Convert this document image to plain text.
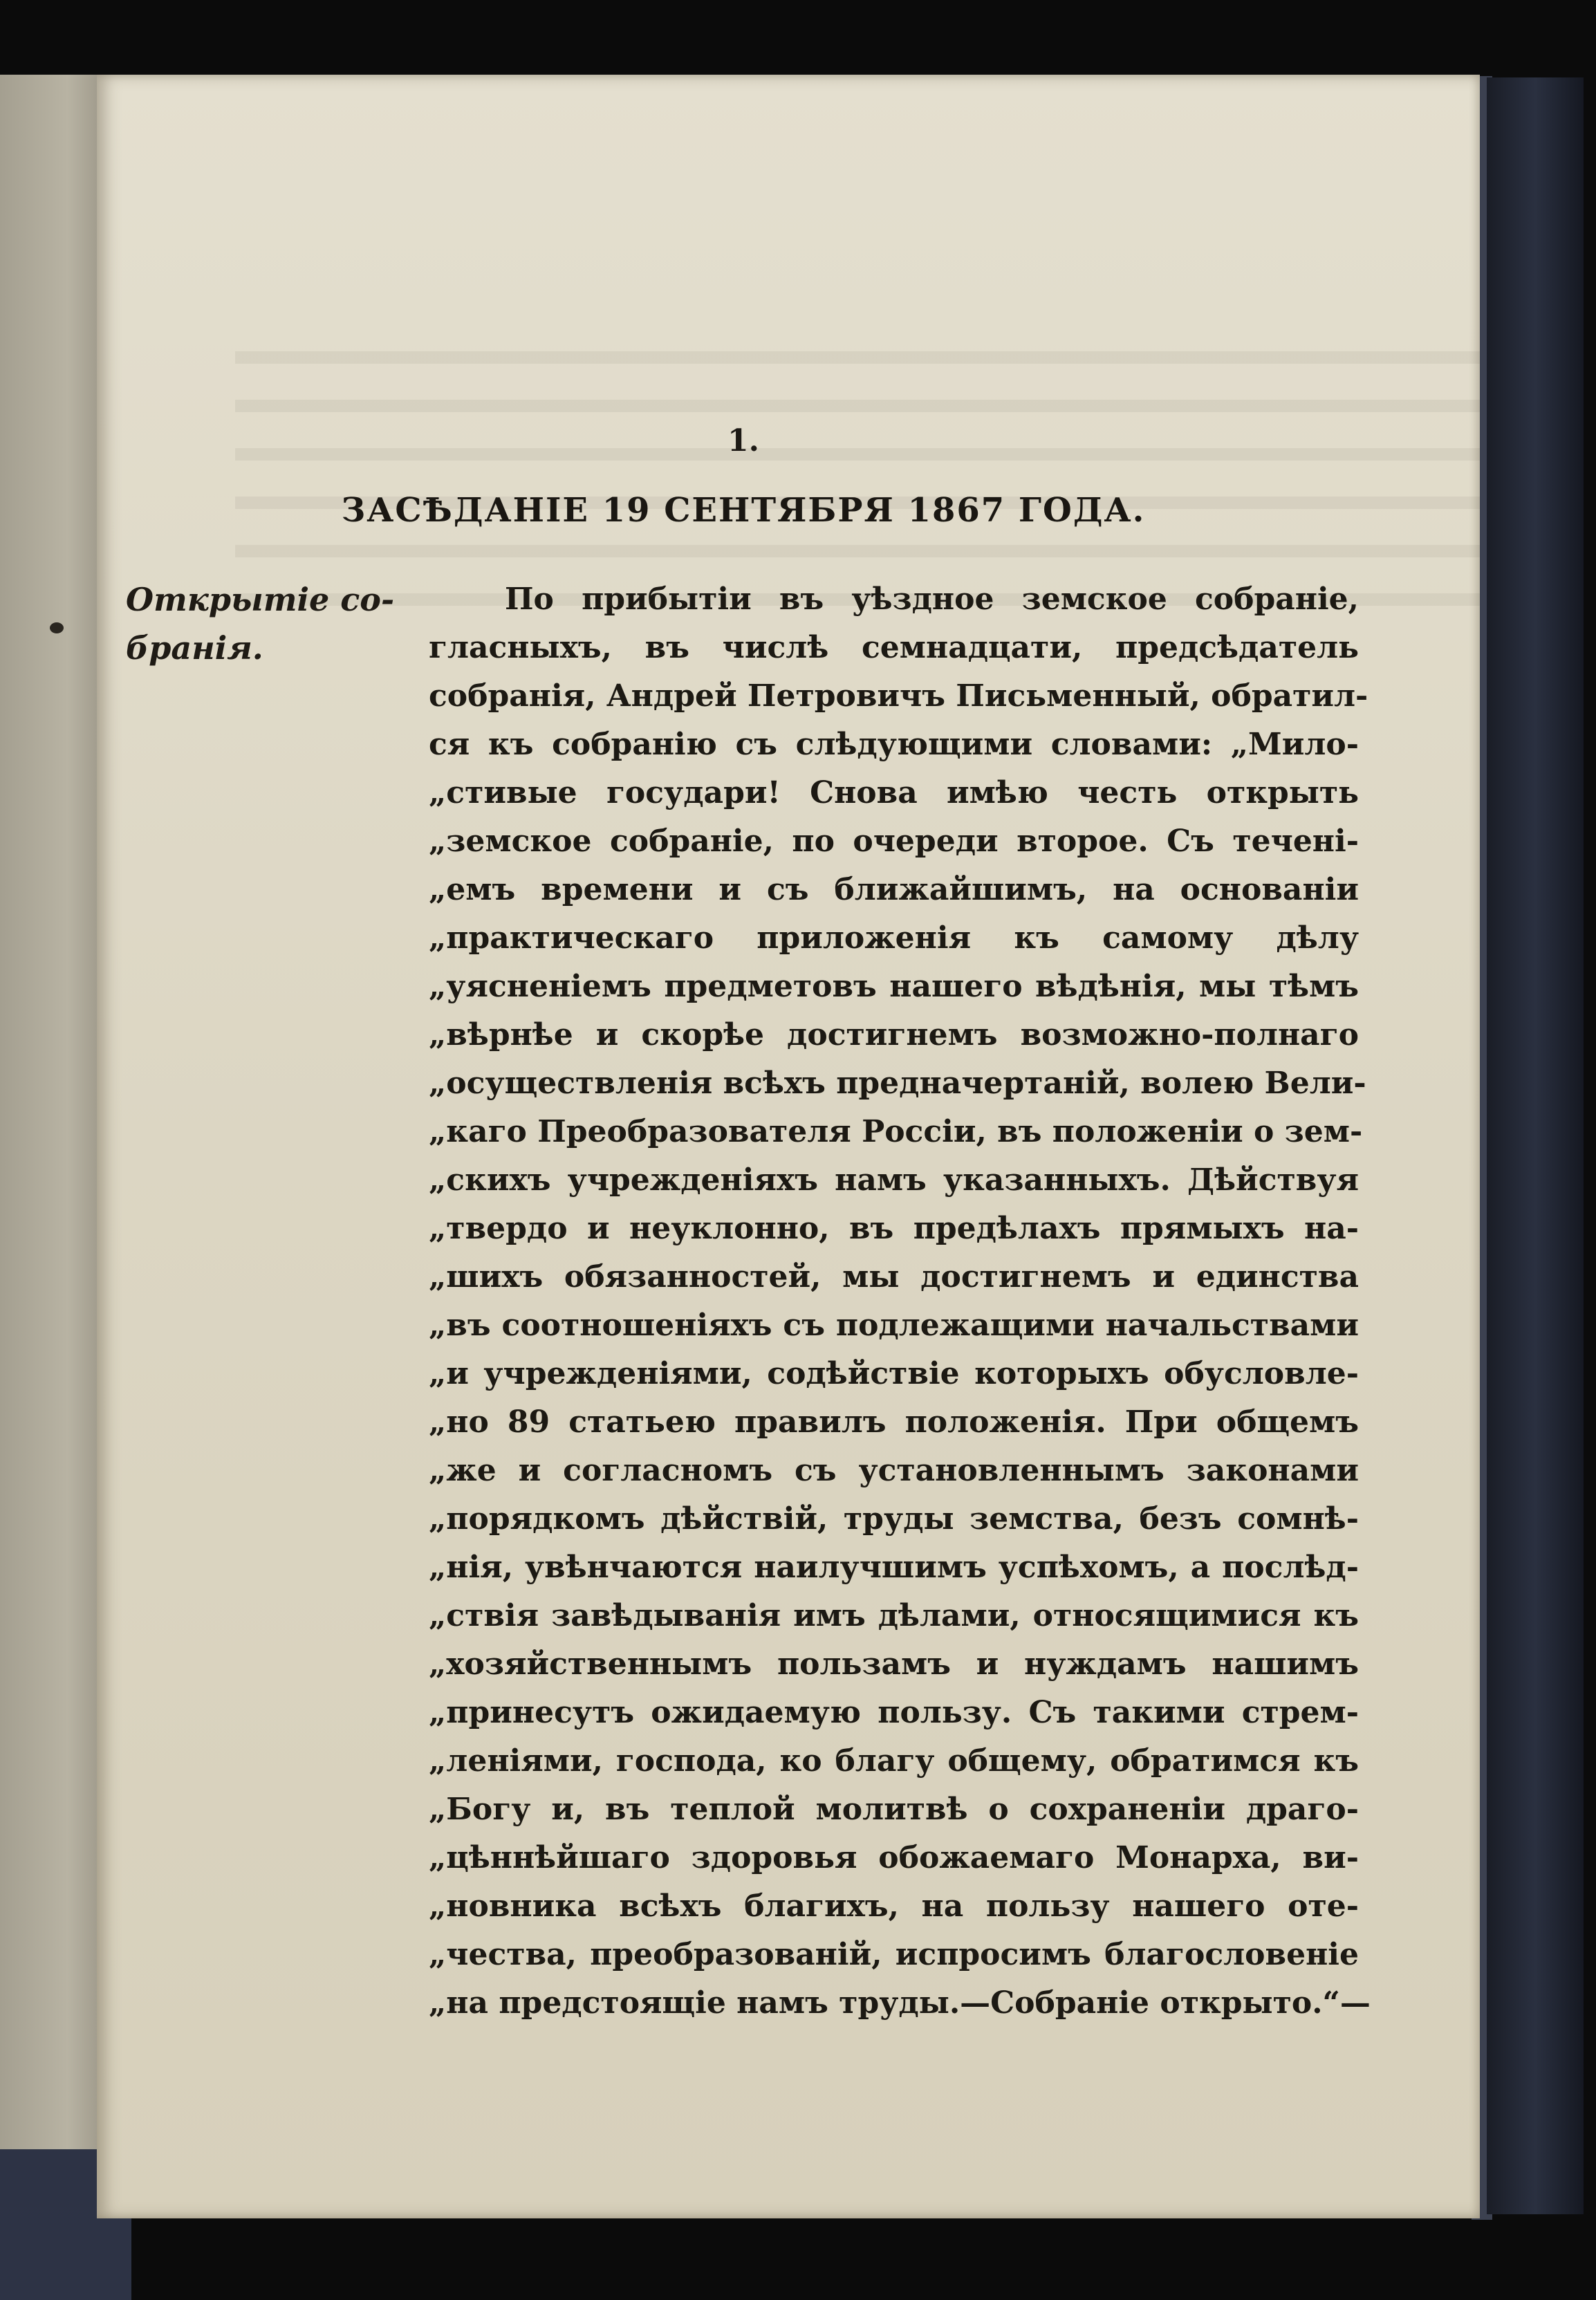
1.
ЗАСѢДАНІЕ 19 СЕНТЯБРЯ 1867 ГОДА.
Открытіе со-
бранія.
По прибытіи въ уѣздное земское собраніе,
гласныхъ, въ числѣ семнадцати, предсѣдатель
собранія, Андрей Петровичъ Письменный, обратил-
ся къ собранію съ слѣдующими словами: „Мило-
„стивые государи! Снова имѣю честь открыть
„земское собраніе, по очереди второе. Съ теченi-
„емъ времени и съ ближайшимъ, на основаніи
„практическаго приложенія къ самому дѣлу
„уясненіемъ предметовъ нашего вѣдѣнія, мы тѣмъ
„вѣрнѣе и скорѣе достигнемъ возможно-полнаго
„осуществленія всѣхъ предначертаній, волею Вели-
„каго Преобразователя Россіи, въ положеніи о зем-
„скихъ учрежденіяхъ намъ указанныхъ. Дѣйствуя
„твердо и неуклонно, въ предѣлахъ прямыхъ на-
„шихъ обязанностей, мы достигнемъ и единства
„въ соотношеніяхъ съ подлежащими начальствами
„и учрежденіями, содѣйствіе которыхъ обусловле-
„но 89 статьею правилъ положенія. При общемъ
„же и согласномъ съ установленнымъ законами
„порядкомъ дѣйствій, труды земства, безъ сомнѣ-
„нія, увѣнчаются наилучшимъ успѣхомъ, а послѣд-
„ствія завѣдыванія имъ дѣлами, относящимися къ
„хозяйственнымъ пользамъ и нуждамъ нашимъ
„принесутъ ожидаемую пользу. Съ такими стрем-
„леніями, господа, ко благу общему, обратимся къ
„Богу и, въ теплой молитвѣ о сохраненіи драго-
„цѣннѣйшаго здоровья обожаемаго Монарха, ви-
„новника всѣхъ благихъ, на пользу нашего оте-
„чества, преобразованій, испросимъ благословеніе
„на предстоящіе намъ труды.—Собраніе открыто.“—
